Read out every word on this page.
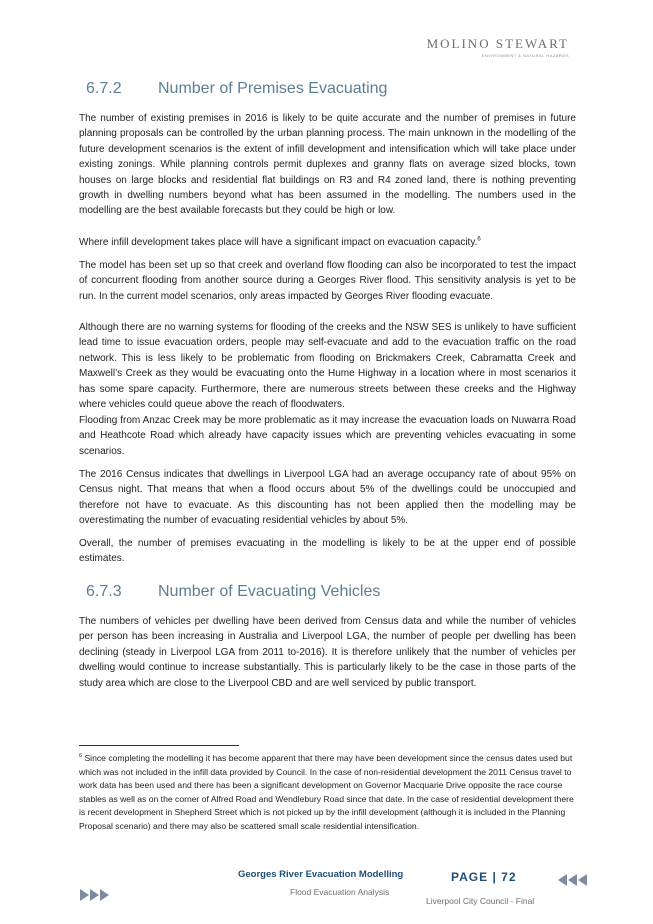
MOLINO STEWART
ENVIRONMENT & NATURAL HAZARDS
6.7.2 Number of Premises Evacuating

The number of existing premises in 2016 is likely to be quite accurate and the number of premises in future planning proposals can be controlled by the urban planning process. The main unknown in the modelling of the future development scenarios is the extent of infill development and intensification which will take place under existing zonings. While planning controls permit duplexes and granny flats on average sized blocks, town houses on large blocks and residential flat buildings on R3 and R4 zoned land, there is nothing preventing growth in dwelling numbers beyond what has been assumed in the modelling. The numbers used in the modelling are the best available forecasts but they could be high or low.

Where infill development takes place will have a significant impact on evacuation capacity.$^6$

The model has been set up so that creek and overland flow flooding can also be incorporated to test the impact of concurrent flooding from another source during a Georges River flood. This sensitivity analysis is yet to be run. In the current model scenarios, only areas impacted by Georges River flooding evacuate.

Although there are no warning systems for flooding of the creeks and the NSW SES is unlikely to have sufficient lead time to issue evacuation orders, people may self-evacuate and add to the evacuation traffic on the road network. This is less likely to be problematic from flooding on Brickmakers Creek, Cabramatta Creek and Maxwell’s Creek as they would be evacuating onto the Hume Highway in a location where in most scenarios it has some spare capacity. Furthermore, there are numerous streets between these creeks and the Highway where vehicles could queue above the reach of floodwaters.

Flooding from Anzac Creek may be more problematic as it may increase the evacuation loads on Nuwarra Road and Heathcote Road which already have capacity issues which are preventing vehicles evacuating in some scenarios.

The 2016 Census indicates that dwellings in Liverpool LGA had an average occupancy rate of about 95% on Census night. That means that when a flood occurs about 5% of the dwellings could be unoccupied and therefore not have to evacuate. As this discounting has not been applied then the modelling may be overestimating the number of evacuating residential vehicles by about 5%.

Overall, the number of premises evacuating in the modelling is likely to be at the upper end of possible estimates.

6.7.3 Number of Evacuating Vehicles

The numbers of vehicles per dwelling have been derived from Census data and while the number of vehicles per person has been increasing in Australia and Liverpool LGA, the number of people per dwelling has been declining (steady in Liverpool LGA from 2011 to-2016). It is therefore unlikely that the number of vehicles per dwelling would continue to increase substantially. This is particularly likely to be the case in those parts of the study area which are close to the Liverpool CBD and are well serviced by public transport.

$^6$ Since completing the modelling it has become apparent that there may have been development since the census dates used but which was not included in the infill data provided by Council. In the case of non-residential development the 2011 Census travel to work data has been used and there has been a significant development on Governor Macquarie Drive opposite the race course stables as well as on the corner of Alfred Road and Wendlebury Road since that date. In the case of residential development there is recent development in Shepherd Street which is not picked up by the infill development (although it is included in the Planning Proposal scenario) and there may also be scattered small scale residential intensification.
Georges River Evacuation Modelling
Flood Evacuation Analysis
PAGE | 72
Liverpool City Council - Final
